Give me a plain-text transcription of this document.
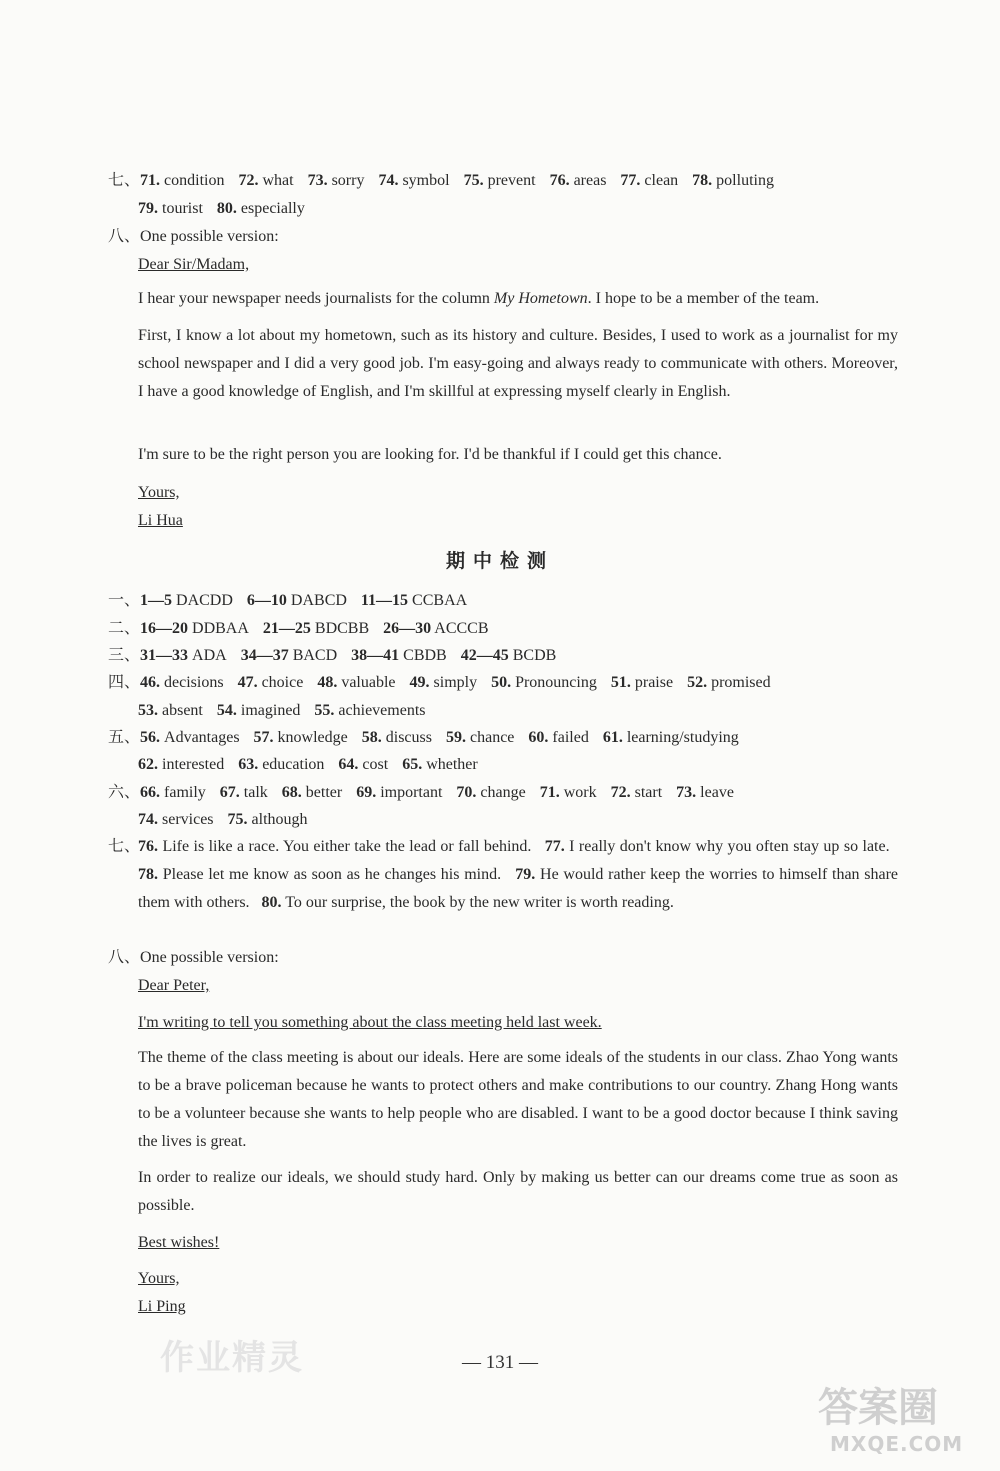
七、71. condition 72. what 73. sorry 74. symbol 75. prevent 76. areas 77. clean 78. polluting
79. tourist 80. especially
八、One possible version:
Dear Sir/Madam,
I hear your newspaper needs journalists for the column My Hometown. I hope to be a member of the team.
First, I know a lot about my hometown, such as its history and culture. Besides, I used to work as a journalist for my school newspaper and I did a very good job. I'm easy-going and always ready to communicate with others. Moreover, I have a good knowledge of English, and I'm skillful at expressing myself clearly in English.
I'm sure to be the right person you are looking for. I'd be thankful if I could get this chance.
Yours,
Li Hua
期中检测
一、1—5 DACDD 6—10 DABCD 11—15 CCBAA
二、16—20 DDBAA 21—25 BDCBB 26—30 ACCCB
三、31—33 ADA 34—37 BACD 38—41 CBDB 42—45 BCDB
四、46. decisions 47. choice 48. valuable 49. simply 50. Pronouncing 51. praise 52. promised
53. absent 54. imagined 55. achievements
五、56. Advantages 57. knowledge 58. discuss 59. chance 60. failed 61. learning/studying
62. interested 63. education 64. cost 65. whether
六、66. family 67. talk 68. better 69. important 70. change 71. work 72. start 73. leave
74. services 75. although
七、
76. Life is like a race. You either take the lead or fall behind. 77. I really don't know why you often stay up so late.   78. Please let me know as soon as he changes his mind. 79. He would rather keep the worries to himself than share them with others. 80. To our surprise, the book by the new writer is worth reading.
八、One possible version:
Dear Peter,
I'm writing to tell you something about the class meeting held last week.
The theme of the class meeting is about our ideals. Here are some ideals of the students in our class. Zhao Yong wants to be a brave policeman because he wants to protect others and make contributions to our country. Zhang Hong wants to be a volunteer because she wants to help people who are disabled. I want to be a good doctor because I think saving the lives is great.
In order to realize our ideals, we should study hard. Only by making us better can our dreams come true as soon as possible.
Best wishes!
Yours,
Li Ping
作业精灵	— 131 —
答案圈
MXQE.COM
